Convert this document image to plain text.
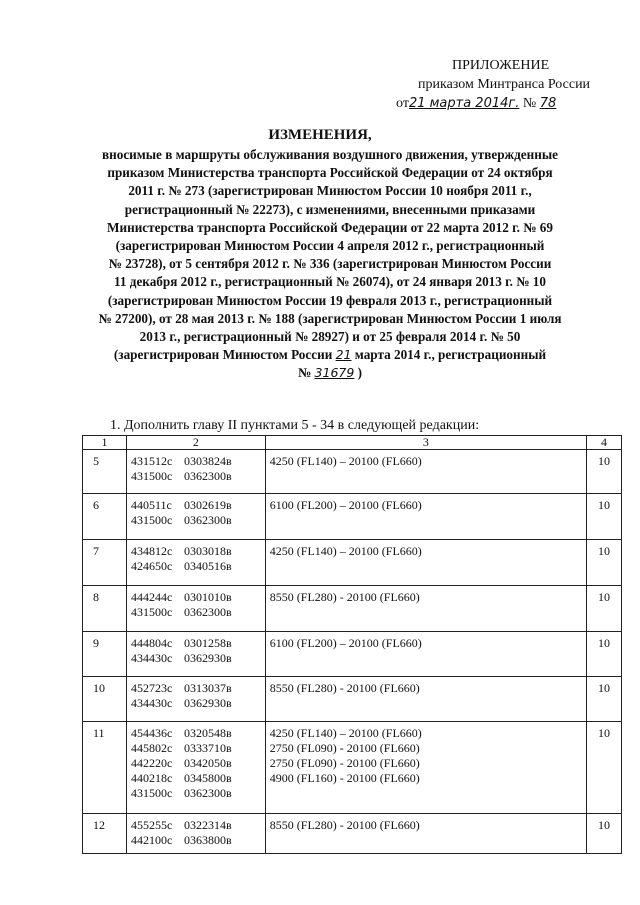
ПРИЛОЖЕНИЕ
приказом Минтранса России
от21 марта 2014г. № 78
ИЗМЕНЕНИЯ,
вносимые в маршруты обслуживания воздушного движения, утвержденные
приказом Министерства транспорта Российской Федерации от 24 октября
2011 г. № 273 (зарегистрирован Минюстом России 10 ноября 2011 г.,
регистрационный № 22273), с изменениями, внесенными приказами
Министерства транспорта Российской Федерации от 22 марта 2012 г. № 69
(зарегистрирован Минюстом России 4 апреля 2012 г., регистрационный
№ 23728), от 5 сентября 2012 г. № 336 (зарегистрирован Минюстом России
11 декабря 2012 г., регистрационный № 26074), от 24 января 2013 г. № 10
(зарегистрирован Минюстом России 19 февраля 2013 г., регистрационный
№ 27200), от 28 мая 2013 г. № 188 (зарегистрирован Минюстом России 1 июля
2013 г., регистрационный № 28927) и от 25 февраля 2014 г. № 50
(зарегистрирован Минюстом России 21 марта 2014 г., регистрационный
№ 31679 )
1. Дополнить главу II пунктами 5 - 34 в следующей редакции:
1	2	3	4
5	431512с 0303824в
431500с 0362300в	4250 (FL140) – 20100 (FL660)	10
6	440511с 0302619в
431500с 0362300в	6100 (FL200) – 20100 (FL660)	10
7	434812с 0303018в
424650с 0340516в	4250 (FL140) – 20100 (FL660)	10
8	444244с 0301010в
431500с 0362300в	8550 (FL280) - 20100 (FL660)	10
9	444804с 0301258в
434430с 0362930в	6100 (FL200) – 20100 (FL660)	10
10	452723с 0313037в
434430с 0362930в	8550 (FL280) - 20100 (FL660)	10
11	454436с 0320548в
445802с 0333710в
442220с 0342050в
440218с 0345800в
431500с 0362300в	4250 (FL140) – 20100 (FL660)
2750 (FL090) - 20100 (FL660)
2750 (FL090) - 20100 (FL660)
4900 (FL160) - 20100 (FL660)	10
12	455255с 0322314в
442100с 0363800в	8550 (FL280) - 20100 (FL660)	10
